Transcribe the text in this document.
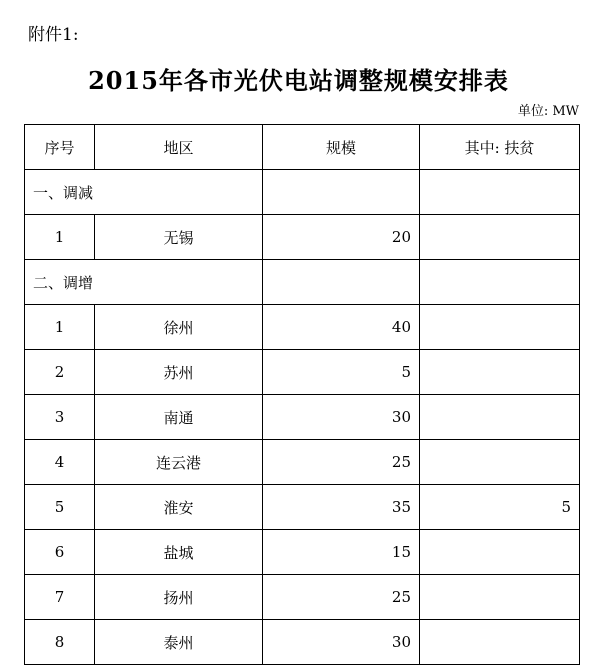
附件1:
2015年各市光伏电站调整规模安排表
单位: MW
序号	地区	规模	其中: 扶贫
一、调减			
1	无锡	20	
二、调增			
1	徐州	40	
2	苏州	5	
3	南通	30	
4	连云港	25	
5	淮安	35	5
6	盐城	15	
7	扬州	25	
8	泰州	30	
